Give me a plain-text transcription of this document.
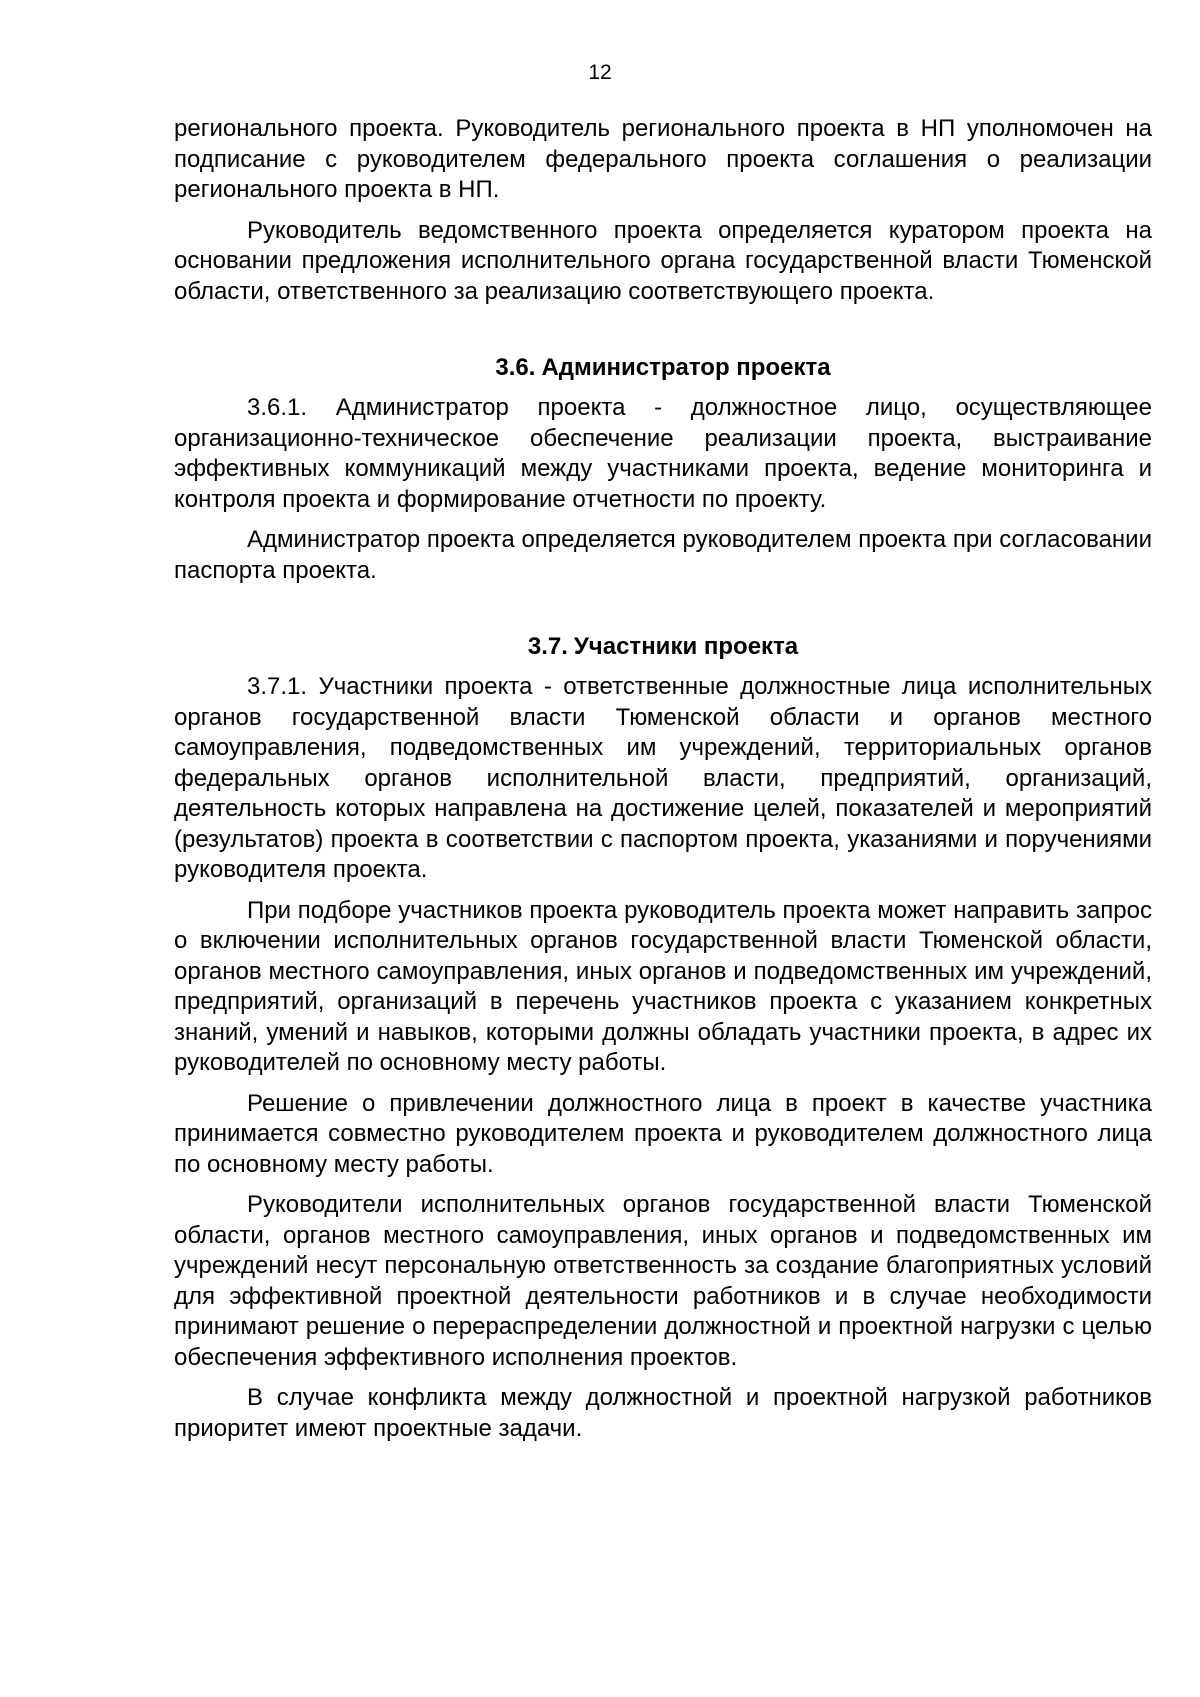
12

регионального проекта. Руководитель регионального проекта в НП уполномочен на подписание с руководителем федерального проекта соглашения о реализации регионального проекта в НП.

Руководитель ведомственного проекта определяется куратором проекта на основании предложения исполнительного органа государственной власти Тюменской области, ответственного за реализацию соответствующего проекта.

3.6. Администратор проекта

3.6.1. Администратор проекта - должностное лицо, осуществляющее организационно-техническое обеспечение реализации проекта, выстраивание эффективных коммуникаций между участниками проекта, ведение мониторинга и контроля проекта и формирование отчетности по проекту.

Администратор проекта определяется руководителем проекта при согласовании паспорта проекта.

3.7. Участники проекта

3.7.1. Участники проекта - ответственные должностные лица исполнительных органов государственной власти Тюменской области и органов местного самоуправления, подведомственных им учреждений, территориальных органов федеральных органов исполнительной власти, предприятий, организаций, деятельность которых направлена на достижение целей, показателей и мероприятий (результатов) проекта в соответствии с паспортом проекта, указаниями и поручениями руководителя проекта.

При подборе участников проекта руководитель проекта может направить запрос о включении исполнительных органов государственной власти Тюменской области, органов местного самоуправления, иных органов и подведомственных им учреждений, предприятий, организаций в перечень участников проекта с указанием конкретных знаний, умений и навыков, которыми должны обладать участники проекта, в адрес их руководителей по основному месту работы.

Решение о привлечении должностного лица в проект в качестве участника принимается совместно руководителем проекта и руководителем должностного лица по основному месту работы.

Руководители исполнительных органов государственной власти Тюменской области, органов местного самоуправления, иных органов и подведомственных им учреждений несут персональную ответственность за создание благоприятных условий для эффективной проектной деятельности работников и в случае необходимости принимают решение о перераспределении должностной и проектной нагрузки с целью обеспечения эффективного исполнения проектов.

В случае конфликта между должностной и проектной нагрузкой работников приоритет имеют проектные задачи.
